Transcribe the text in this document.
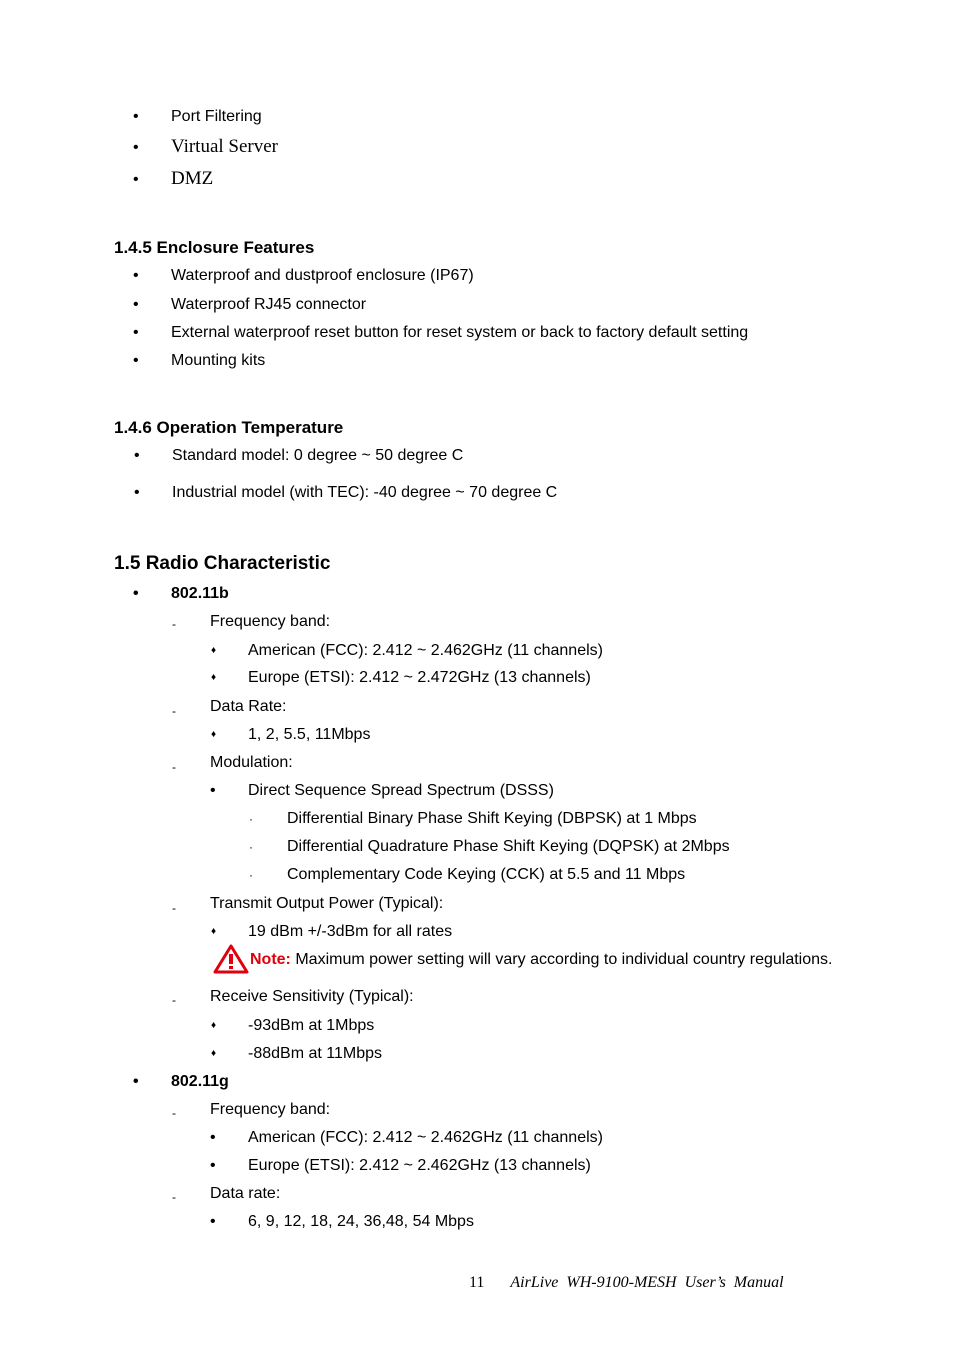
• Port Filtering
• Virtual Server
• DMZ
1.4.5 Enclosure Features
• Waterproof and dustproof enclosure (IP67)
• Waterproof RJ45 connector
• External waterproof reset button for reset system or back to factory default setting
• Mounting kits
1.4.6 Operation Temperature
• Standard model: 0 degree ~ 50 degree C
• Industrial model (with TEC): -40 degree ~ 70 degree C
1.5 Radio Characteristic
• 802.11b
- Frequency band:
♦ American (FCC): 2.412 ~ 2.462GHz (11 channels)
♦ Europe (ETSI): 2.412 ~ 2.472GHz (13 channels)
- Data Rate:
♦ 1, 2, 5.5, 11Mbps
- Modulation:
• Direct Sequence Spread Spectrum (DSSS)
· Differential Binary Phase Shift Keying (DBPSK) at 1 Mbps
· Differential Quadrature Phase Shift Keying (DQPSK) at 2Mbps
· Complementary Code Keying (CCK) at 5.5 and 11 Mbps
- Transmit Output Power (Typical):
♦ 19 dBm +/-3dBm for all rates
Note: Maximum power setting will vary according to individual country regulations.
- Receive Sensitivity (Typical):
♦ -93dBm at 1Mbps
♦ -88dBm at 11Mbps
• 802.11g
- Frequency band:
• American (FCC): 2.412 ~ 2.462GHz (11 channels)
• Europe (ETSI): 2.412 ~ 2.462GHz (13 channels)
- Data rate:
• 6, 9, 12, 18, 24, 36,48, 54 Mbps
11 AirLive  WH-9100-MESH  User’s  Manual
